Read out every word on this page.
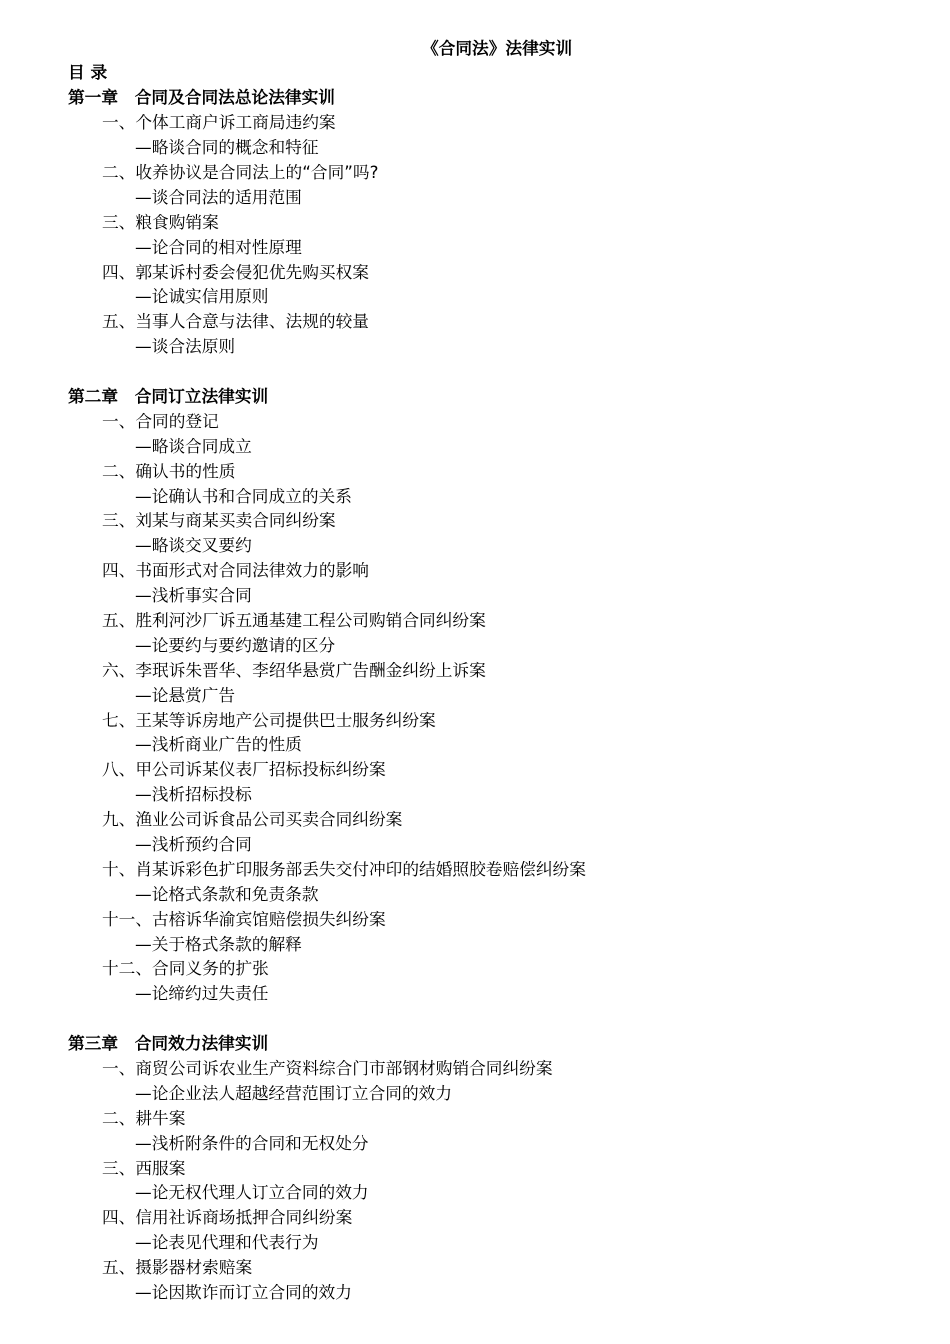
《合同法》法律实训
目 录
第一章 合同及合同法总论法律实训
一、个体工商户诉工商局违约案
—略谈合同的概念和特征
二、收养协议是合同法上的“合同”吗?
—谈合同法的适用范围
三、粮食购销案
—论合同的相对性原理
四、郭某诉村委会侵犯优先购买权案
—论诚实信用原则
五、当事人合意与法律、法规的较量
—谈合法原则
第二章 合同订立法律实训
一、合同的登记
—略谈合同成立
二、确认书的性质
—论确认书和合同成立的关系
三、刘某与商某买卖合同纠纷案
—略谈交叉要约
四、书面形式对合同法律效力的影响
—浅析事实合同
五、胜利河沙厂诉五通基建工程公司购销合同纠纷案
—论要约与要约邀请的区分
六、李珉诉朱晋华、李绍华悬赏广告酬金纠纷上诉案
—论悬赏广告
七、王某等诉房地产公司提供巴士服务纠纷案
—浅析商业广告的性质
八、甲公司诉某仪表厂招标投标纠纷案
—浅析招标投标
九、渔业公司诉食品公司买卖合同纠纷案
—浅析预约合同
十、肖某诉彩色扩印服务部丢失交付冲印的结婚照胶卷赔偿纠纷案
—论格式条款和免责条款
十一、古榕诉华渝宾馆赔偿损失纠纷案
—关于格式条款的解释
十二、合同义务的扩张
—论缔约过失责任
第三章 合同效力法律实训
一、商贸公司诉农业生产资料综合门市部钢材购销合同纠纷案
—论企业法人超越经营范围订立合同的效力
二、耕牛案
—浅析附条件的合同和无权处分
三、西服案
—论无权代理人订立合同的效力
四、信用社诉商场抵押合同纠纷案
—论表见代理和代表行为
五、摄影器材索赔案
—论因欺诈而订立合同的效力
